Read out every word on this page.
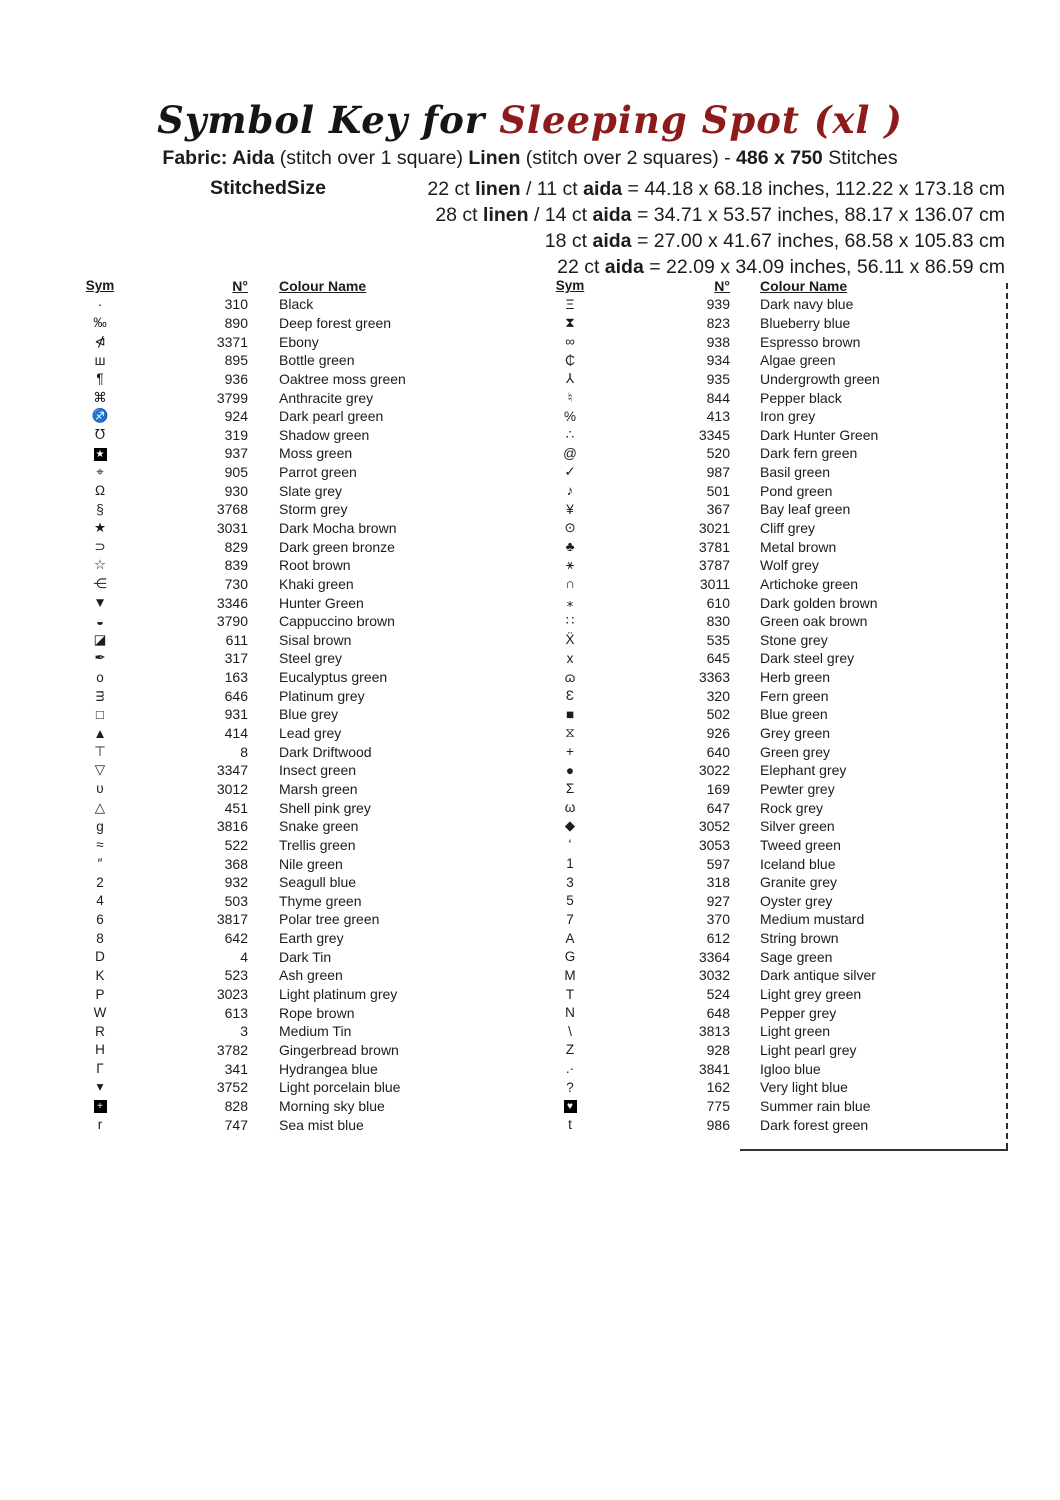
Symbol Key for Sleeping Spot (xl )
Fabric: Aida (stitch over 1 square) Linen (stitch over 2 squares) - 486 x 750 Stitches
StitchedSize	22 ct linen / 11 ct aida = 44.18 x 68.18 inches, 112.22 x 173.18 cm
28 ct linen / 14 ct aida = 34.71 x 53.57 inches, 88.17 x 136.07 cm
18 ct aida = 27.00 x 41.67 inches, 68.58 x 105.83 cm
22 ct aida = 22.09 x 34.09 inches, 56.11 x 86.59 cm
Sym	N°	Colour Name
·	310	Black
‰	890	Deep forest green
⋪	3371	Ebony
ш	895	Bottle green
¶	936	Oaktree moss green
⌘	3799	Anthracite grey
♐	924	Dark pearl green
℧	319	Shadow green
★	937	Moss green
⌖	905	Parrot green
Ω	930	Slate grey
§	3768	Storm grey
★	3031	Dark Mocha brown
⊃	829	Dark green bronze
☆	839	Root brown
⋲	730	Khaki green
▼	3346	Hunter Green
◒	3790	Cappuccino brown
◪	611	Sisal brown
✒	317	Steel grey
o	163	Eucalyptus green
ᴟ	646	Platinum grey
□	931	Blue grey
▲	414	Lead grey
⊤	8	Dark Driftwood
▽	3347	Insect green
ᴜ	3012	Marsh green
△	451	Shell pink grey
g	3816	Snake green
≈	522	Trellis green
″	368	Nile green
2	932	Seagull blue
4	503	Thyme green
6	3817	Polar tree green
8	642	Earth grey
D	4	Dark Tin
K	523	Ash green
P	3023	Light platinum grey
W	613	Rope brown
R	3	Medium Tin
H	3782	Gingerbread brown
Γ	341	Hydrangea blue
▾	3752	Light porcelain blue
+	828	Morning sky blue
r	747	Sea mist blue
Sym	N°	Colour Name
Ξ	939	Dark navy blue
⧗	823	Blueberry blue
∞	938	Espresso brown
₵	934	Algae green
⅄	935	Undergrowth green
♮	844	Pepper black
%	413	Iron grey
∴	3345	Dark Hunter Green
@	520	Dark fern green
✓	987	Basil green
♪	501	Pond green
¥	367	Bay leaf green
⊙	3021	Cliff grey
♣	3781	Metal brown
⚹	3787	Wolf grey
∩	3011	Artichoke green
⁎	610	Dark golden brown
∷	830	Green oak brown
Ẍ	535	Stone grey
x	645	Dark steel grey
ɷ	3363	Herb green
Ɛ	320	Fern green
■	502	Blue green
⧖	926	Grey green
+	640	Green grey
●	3022	Elephant grey
Σ	169	Pewter grey
ω	647	Rock grey
◆	3052	Silver green
‘	3053	Tweed green
1	597	Iceland blue
3	318	Granite grey
5	927	Oyster grey
7	370	Medium mustard
A	612	String brown
G	3364	Sage green
M	3032	Dark antique silver
T	524	Light grey green
N	648	Pepper grey
\	3813	Light green
Z	928	Light pearl grey
.·	3841	Igloo blue
?	162	Very light blue
♥	775	Summer rain blue
t	986	Dark forest green
